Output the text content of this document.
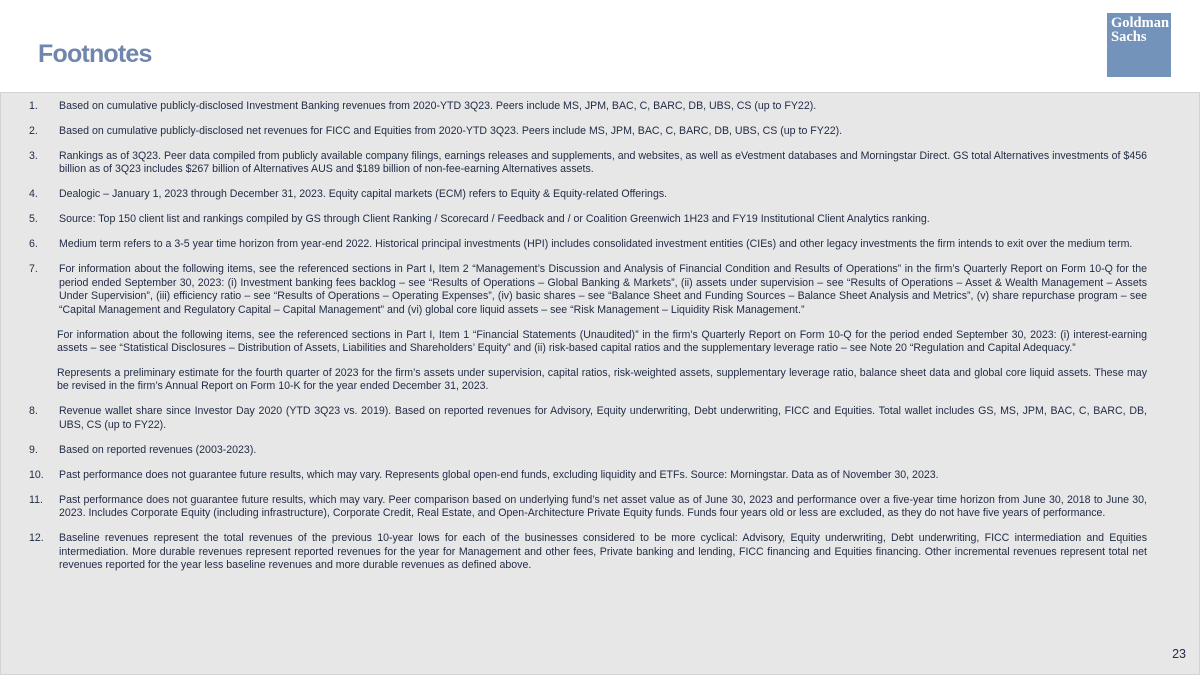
Footnotes
Goldman
Sachs
1.	Based on cumulative publicly-disclosed Investment Banking revenues from 2020-YTD 3Q23. Peers include MS, JPM, BAC, C, BARC, DB, UBS, CS (up to FY22).
2.	Based on cumulative publicly-disclosed net revenues for FICC and Equities from 2020-YTD 3Q23. Peers include MS, JPM, BAC, C, BARC, DB, UBS, CS (up to FY22).
3.	Rankings as of 3Q23. Peer data compiled from publicly available company filings, earnings releases and supplements, and websites, as well as eVestment databases and Morningstar Direct. GS total Alternatives investments of $456 billion as of 3Q23 includes $267 billion of Alternatives AUS and $189 billion of non-fee-earning Alternatives assets.
4.	Dealogic – January 1, 2023 through December 31, 2023. Equity capital markets (ECM) refers to Equity & Equity-related Offerings.
5.	Source: Top 150 client list and rankings compiled by GS through Client Ranking / Scorecard / Feedback and / or Coalition Greenwich 1H23 and FY19 Institutional Client Analytics ranking.
6.	Medium term refers to a 3-5 year time horizon from year-end 2022. Historical principal investments (HPI) includes consolidated investment entities (CIEs) and other legacy investments the firm intends to exit over the medium term.
7.	For information about the following items, see the referenced sections in Part I, Item 2 “Management’s Discussion and Analysis of Financial Condition and Results of Operations” in the firm’s Quarterly Report on Form 10-Q for the period ended September 30, 2023: (i) Investment banking fees backlog – see “Results of Operations – Global Banking & Markets”, (ii) assets under supervision – see “Results of Operations – Asset & Wealth Management – Assets Under Supervision”, (iii) efficiency ratio – see “Results of Operations – Operating Expenses”, (iv) basic shares – see “Balance Sheet and Funding Sources – Balance Sheet Analysis and Metrics”, (v) share repurchase program – see “Capital Management and Regulatory Capital – Capital Management” and (vi) global core liquid assets – see “Risk Management – Liquidity Risk Management.”
For information about the following items, see the referenced sections in Part I, Item 1 “Financial Statements (Unaudited)” in the firm’s Quarterly Report on Form 10-Q for the period ended September 30, 2023: (i) interest-earning assets – see “Statistical Disclosures – Distribution of Assets, Liabilities and Shareholders’ Equity” and (ii) risk-based capital ratios and the supplementary leverage ratio – see Note 20 “Regulation and Capital Adequacy.”
Represents a preliminary estimate for the fourth quarter of 2023 for the firm’s assets under supervision, capital ratios, risk-weighted assets, supplementary leverage ratio, balance sheet data and global core liquid assets. These may be revised in the firm’s Annual Report on Form 10-K for the year ended December 31, 2023.
8.	Revenue wallet share since Investor Day 2020 (YTD 3Q23 vs. 2019). Based on reported revenues for Advisory, Equity underwriting, Debt underwriting, FICC and Equities. Total wallet includes GS, MS, JPM, BAC, C, BARC, DB, UBS, CS (up to FY22).
9.	Based on reported revenues (2003-2023).
10.	Past performance does not guarantee future results, which may vary. Represents global open-end funds, excluding liquidity and ETFs. Source: Morningstar. Data as of November 30, 2023.
11.	Past performance does not guarantee future results, which may vary. Peer comparison based on underlying fund’s net asset value as of June 30, 2023 and performance over a five-year time horizon from June 30, 2018 to June 30, 2023. Includes Corporate Equity (including infrastructure), Corporate Credit, Real Estate, and Open-Architecture Private Equity funds. Funds four years old or less are excluded, as they do not have five years of performance.
12.	Baseline revenues represent the total revenues of the previous 10-year lows for each of the businesses considered to be more cyclical: Advisory, Equity underwriting, Debt underwriting, FICC intermediation and Equities intermediation. More durable revenues represent reported revenues for the year for Management and other fees, Private banking and lending, FICC financing and Equities financing. Other incremental revenues represent total net revenues reported for the year less baseline revenues and more durable revenues as defined above.
23
